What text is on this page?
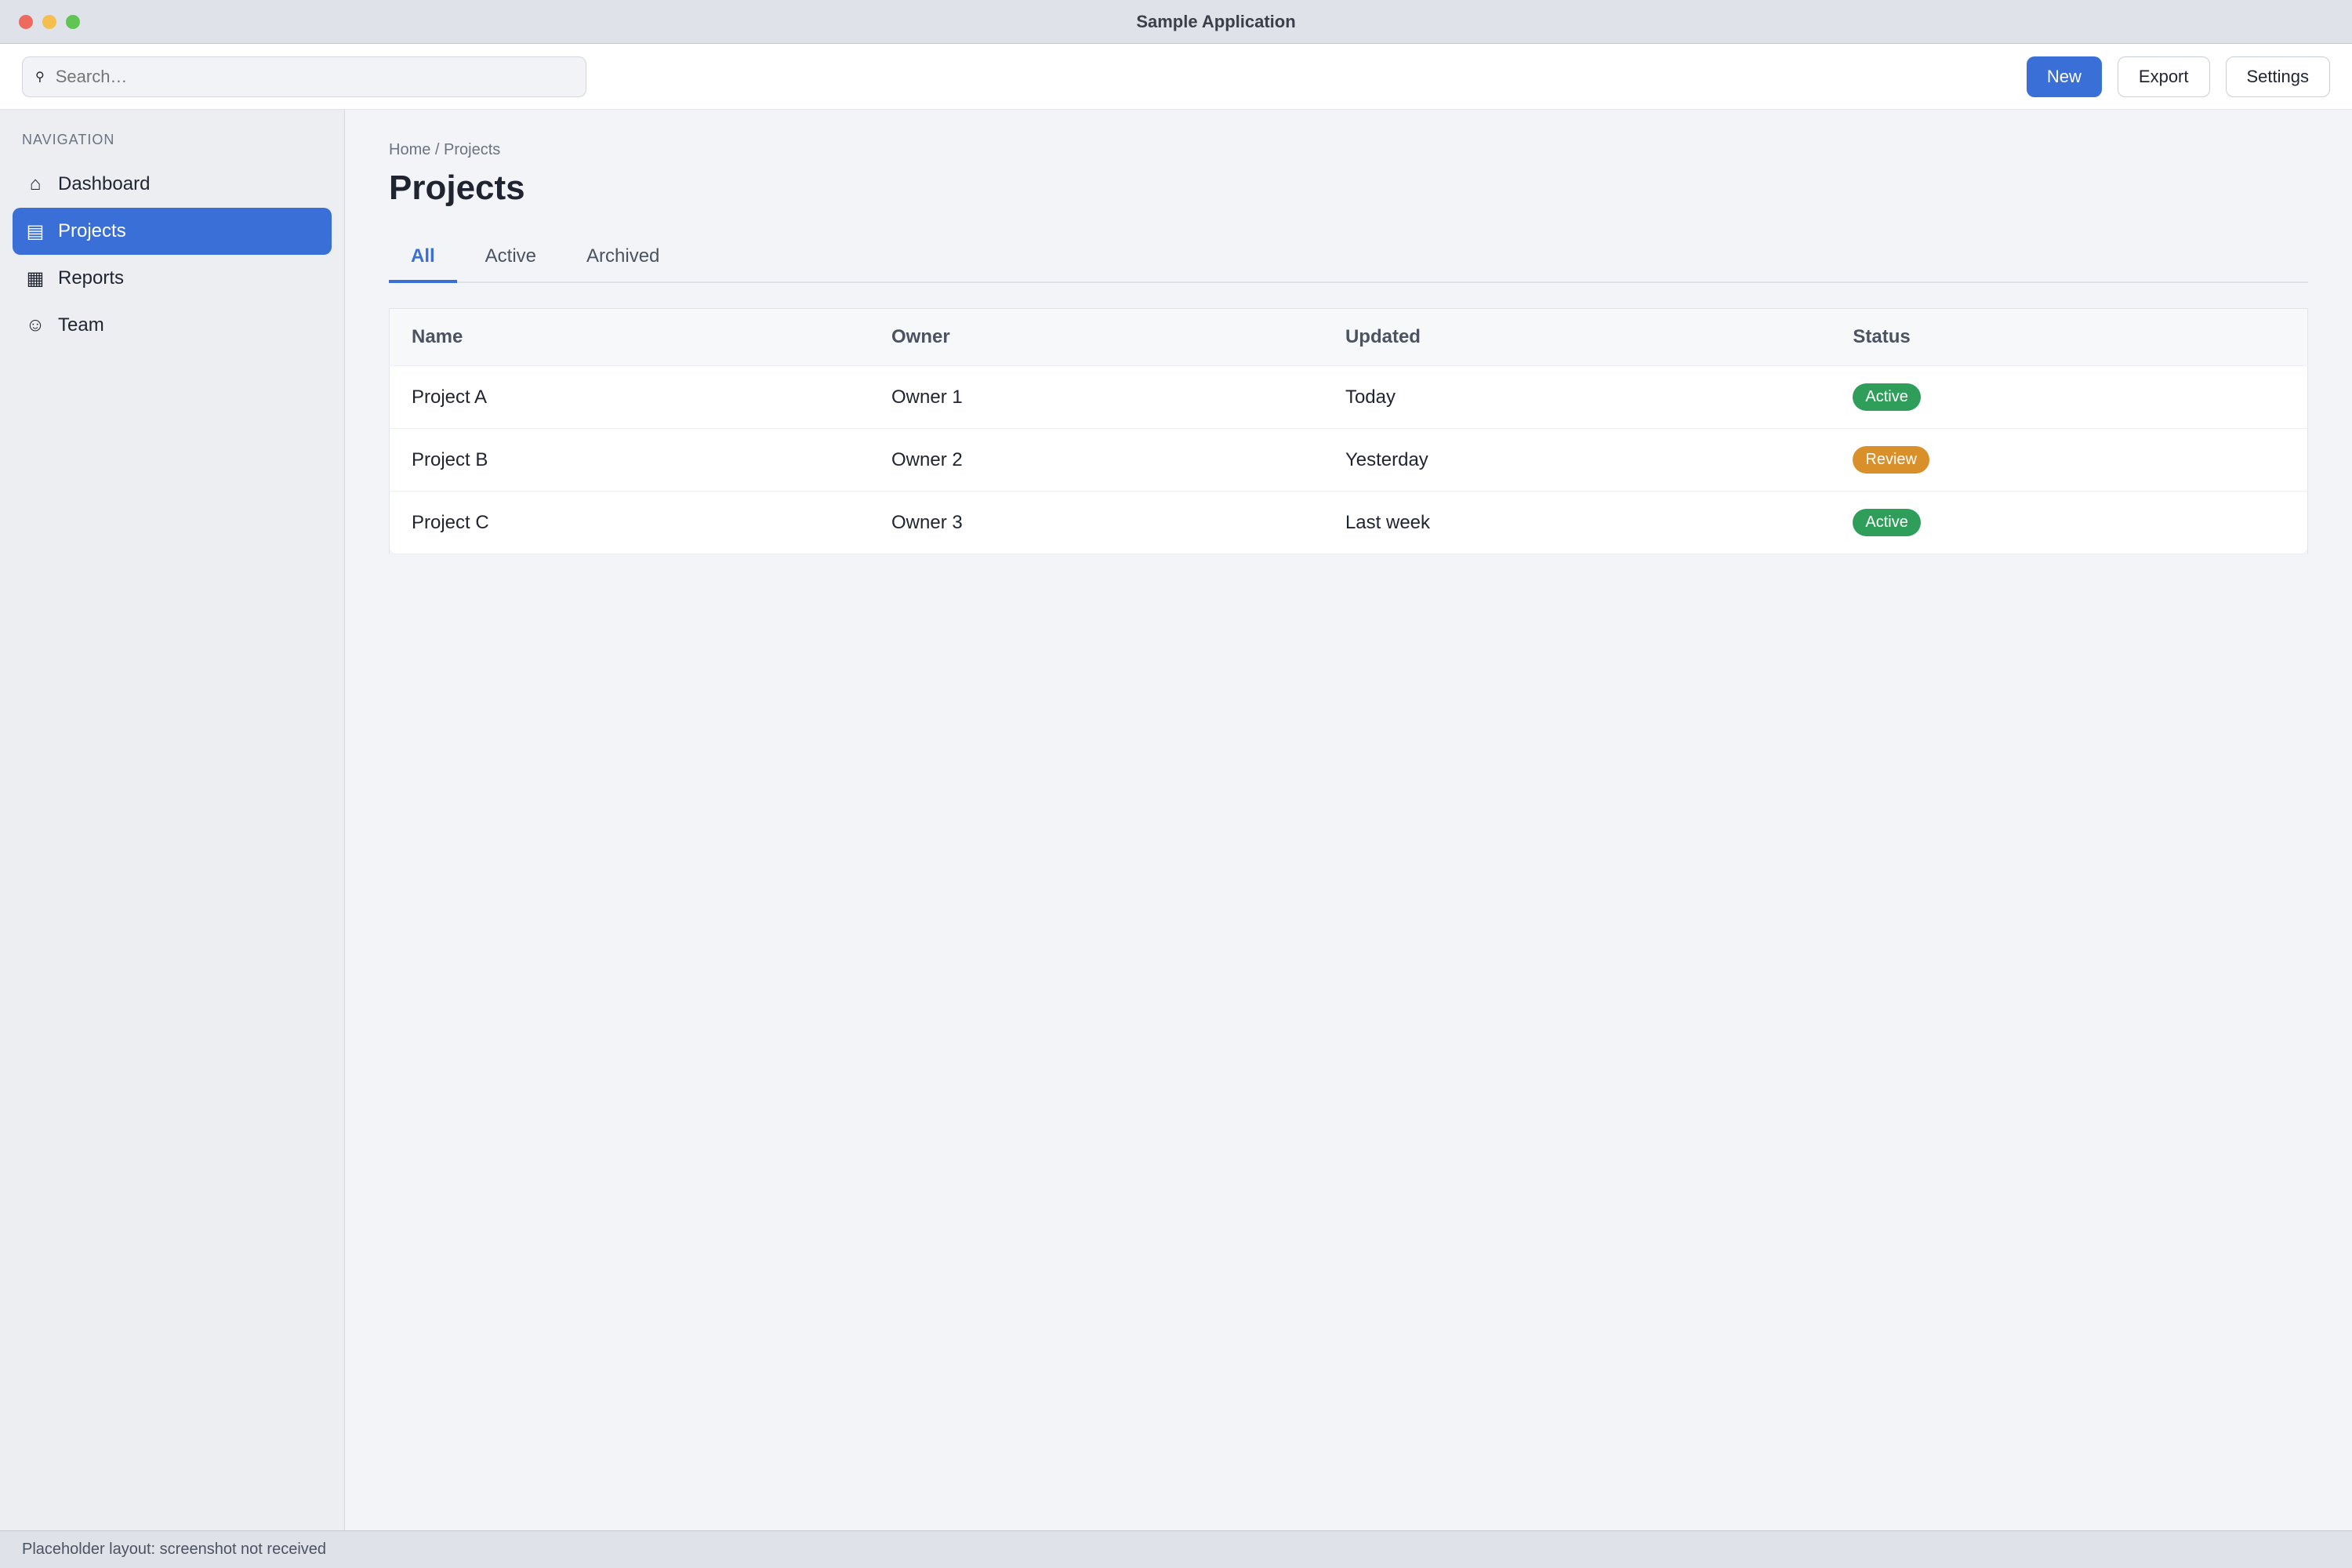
Sample Application
⚲
Search…	New	Export	Settings
NAVIGATION
⌂ Dashboard
▤ Projects
▦ Reports
☺ Team
Home / Projects
Projects
All	Active	Archived
Name	Owner	Updated	Status
Project A	Owner 1	Today	Active
Project B	Owner 2	Yesterday	Review
Project C	Owner 3	Last week	Active
Placeholder layout: screenshot not received
